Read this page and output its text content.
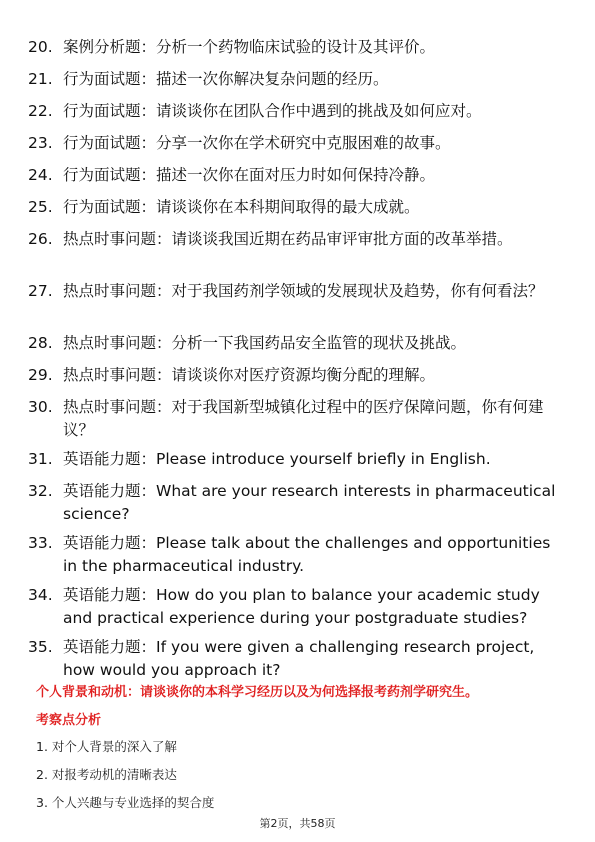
20. 案例分析题：分析一个药物临床试验的设计及其评价。
21. 行为面试题：描述一次你解决复杂问题的经历。
22. 行为面试题：请谈谈你在团队合作中遇到的挑战及如何应对。
23. 行为面试题：分享一次你在学术研究中克服困难的故事。
24. 行为面试题：描述一次你在面对压力时如何保持冷静。
25. 行为面试题：请谈谈你在本科期间取得的最大成就。
26. 热点时事问题：请谈谈我国近期在药品审评审批方面的改革举措。
27. 热点时事问题：对于我国药剂学领域的发展现状及趋势，你有何看法？
28. 热点时事问题：分析一下我国药品安全监管的现状及挑战。
29. 热点时事问题：请谈谈你对医疗资源均衡分配的理解。
30. 热点时事问题：对于我国新型城镇化过程中的医疗保障问题，你有何建议？
31. 英语能力题：Please introduce yourself briefly in English.
32. 英语能力题：What are your research interests in pharmaceutical science?
33. 英语能力题：Please talk about the challenges and opportunities in the pharmaceutical industry.
34. 英语能力题：How do you plan to balance your academic study and practical experience during your postgraduate studies?
35. 英语能力题：If you were given a challenging research project, how would you approach it?
个人背景和动机：请谈谈你的本科学习经历以及为何选择报考药剂学研究生。
考察点分析
1. 对个人背景的深入了解
2. 对报考动机的清晰表达
3. 个人兴趣与专业选择的契合度
第2页，共58页
